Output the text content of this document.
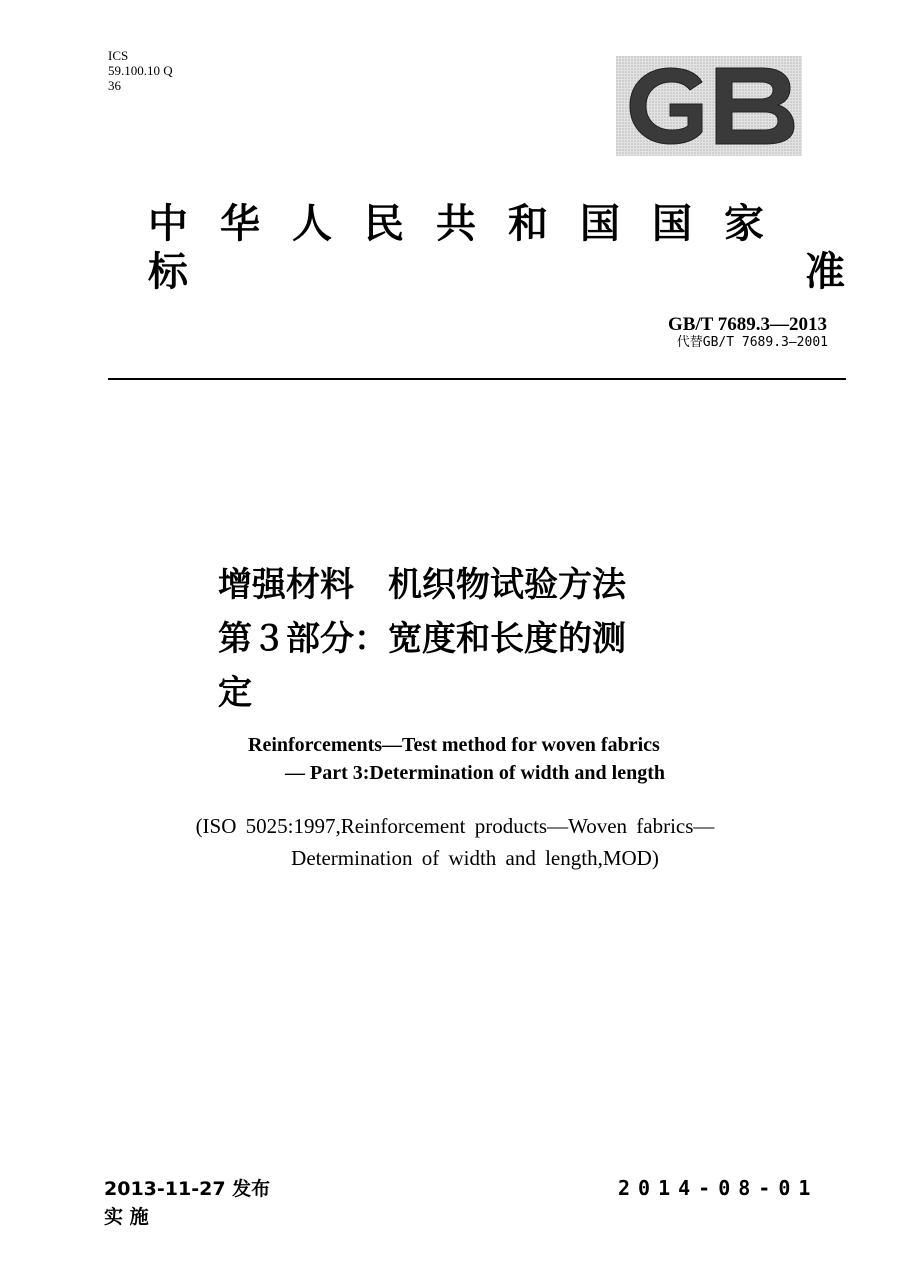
ICS
59.100.10 Q
36
中华人民共和国国家标	准
GB/T 7689.3—2013
代替GB/T 7689.3—2001
增强材料　机织物试验方法
第３部分：宽度和长度的测
定
Reinforcements—Test method for woven fabrics
— Part 3:Determination of width and length
(ISO 5025:1997,Reinforcement products—Woven fabrics—
Determination of width and length,MOD)
2013-11-27 发布
实 施
2014-08-01
